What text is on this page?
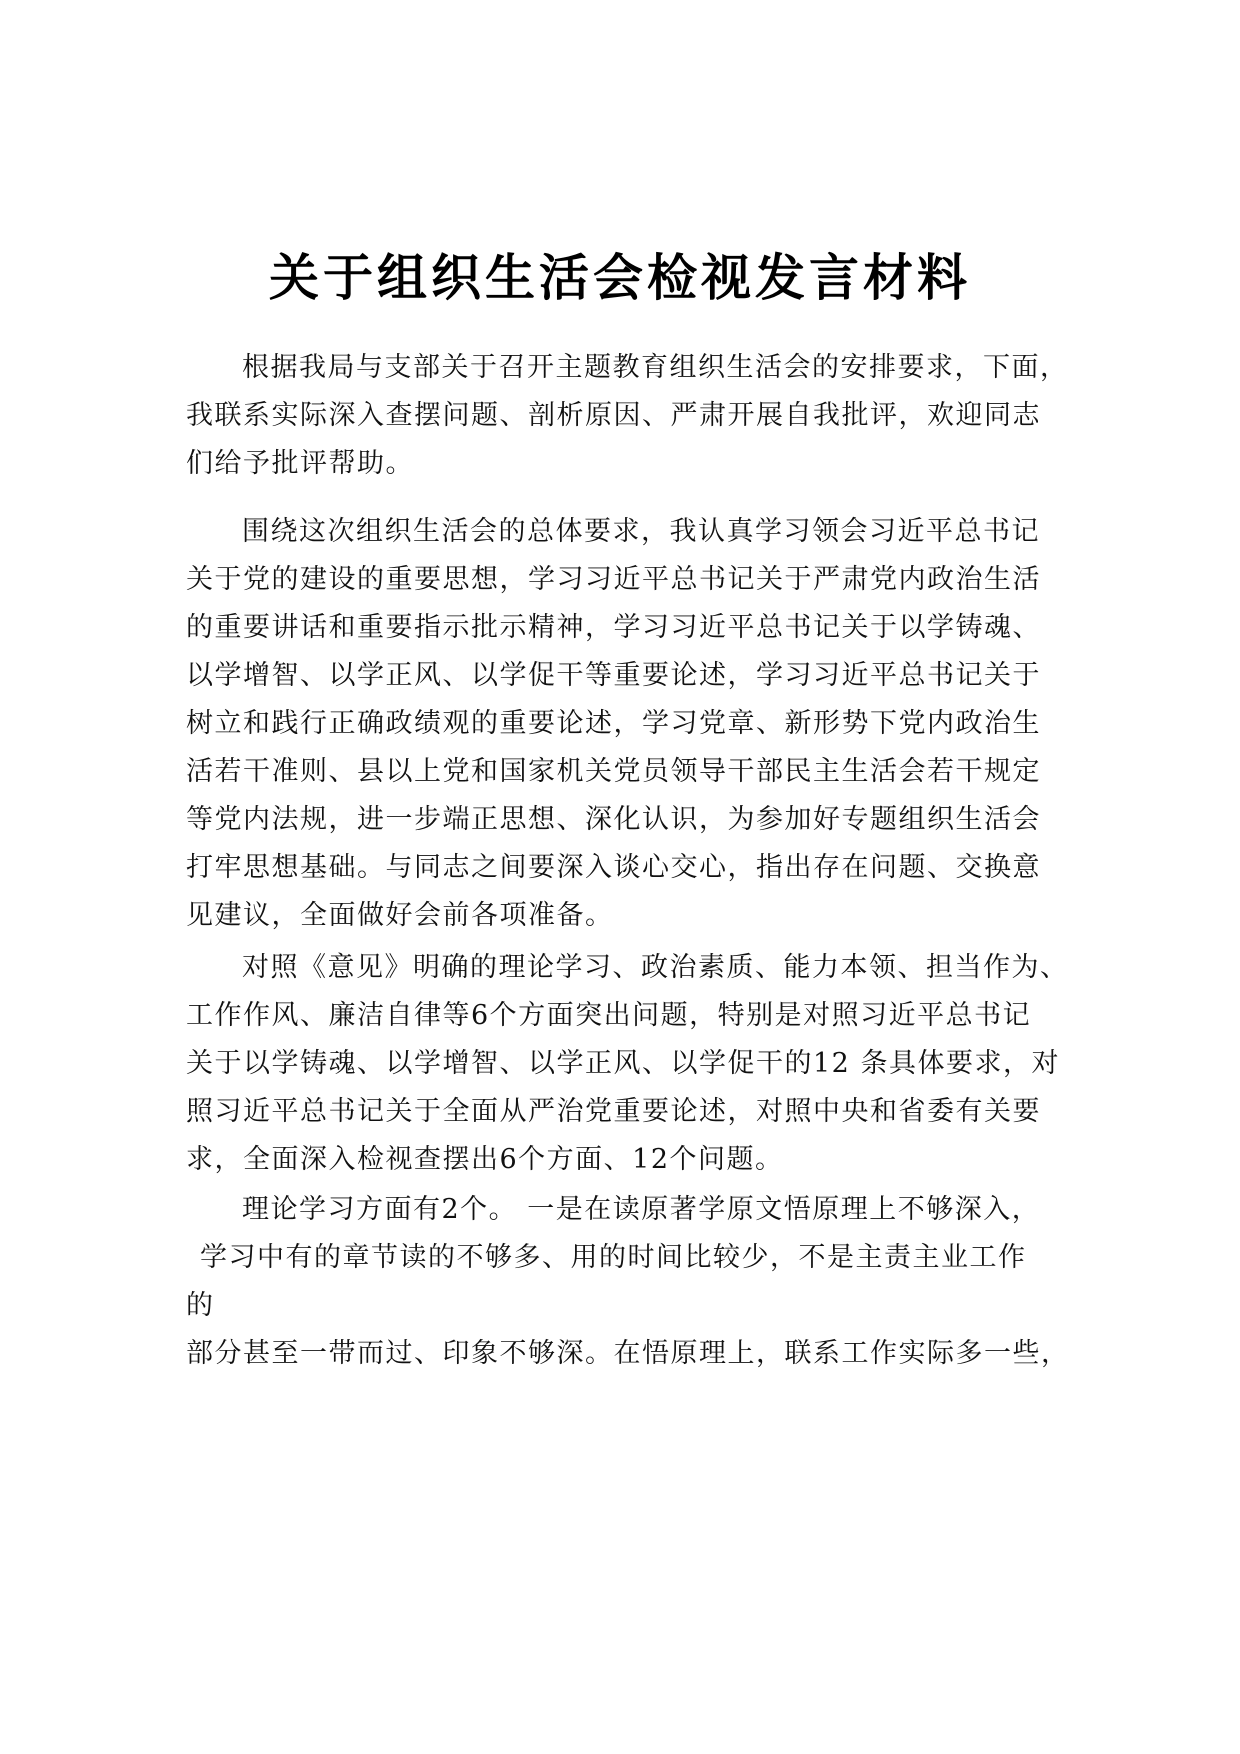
关于组织生活会检视发言材料
根据我局与支部关于召开主题教育组织生活会的安排要求，下面，
我联系实际深入查摆问题、剖析原因、严肃开展自我批评，欢迎同志
们给予批评帮助。
围绕这次组织生活会的总体要求，我认真学习领会习近平总书记
关于党的建设的重要思想，学习习近平总书记关于严肃党内政治生活
的重要讲话和重要指示批示精神，学习习近平总书记关于以学铸魂、
以学增智、以学正风、以学促干等重要论述，学习习近平总书记关于
树立和践行正确政绩观的重要论述，学习党章、新形势下党内政治生
活若干准则、县以上党和国家机关党员领导干部民主生活会若干规定
等党内法规，进一步端正思想、深化认识，为参加好专题组织生活会
打牢思想基础。与同志之间要深入谈心交心，指出存在问题、交换意
见建议，全面做好会前各项准备。
对照《意见》明确的理论学习、政治素质、能力本领、担当作为、
工作作风、廉洁自律等6个方面突出问题，特别是对照习近平总书记
关于以学铸魂、以学增智、以学正风、以学促干的12 条具体要求，对
照习近平总书记关于全面从严治党重要论述，对照中央和省委有关要
求，全面深入检视查摆出6个方面、12个问题。
理论学习方面有2个。 一是在读原著学原文悟原理上不够深入，
学习中有的章节读的不够多、用的时间比较少，不是主责主业工作
的
部分甚至一带而过、印象不够深。在悟原理上，联系工作实际多一些，
